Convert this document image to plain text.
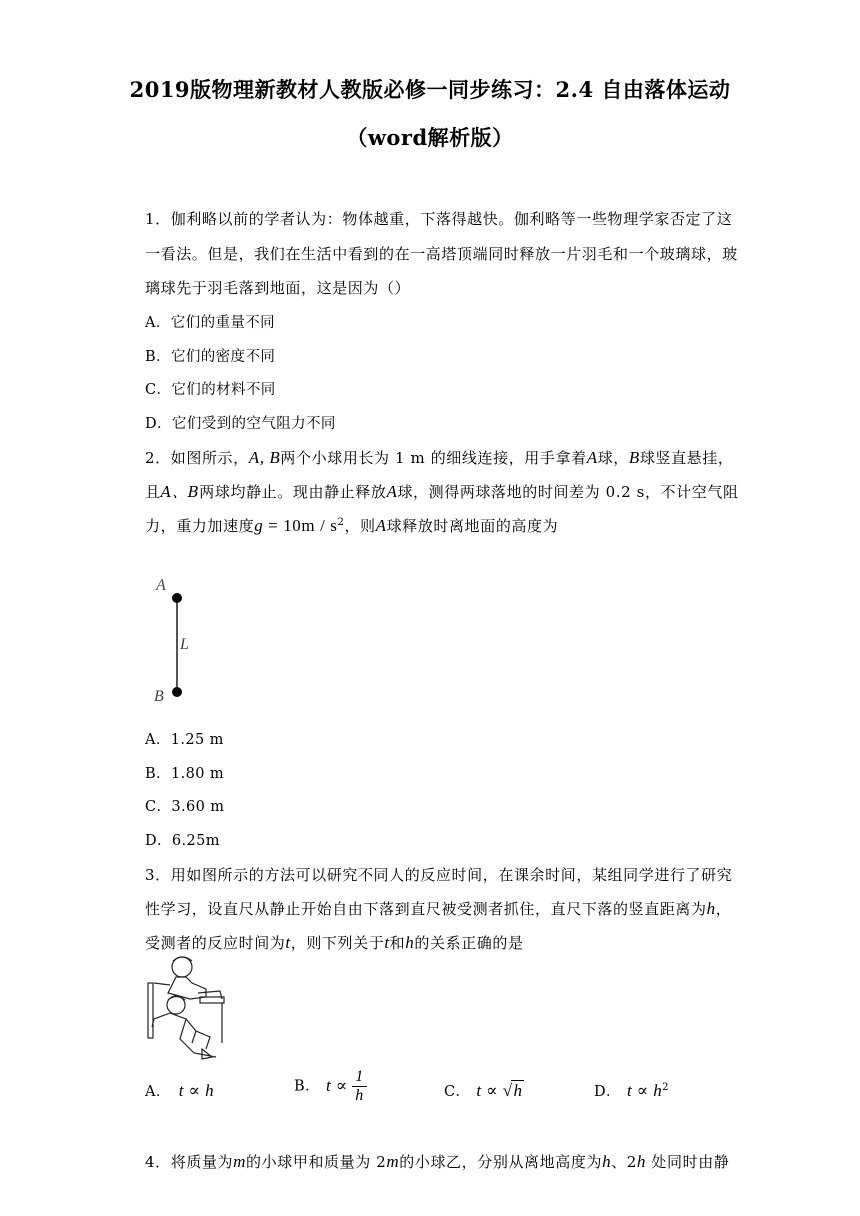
2019版物理新教材人教版必修一同步练习：2.4 自由落体运动
（word解析版）
1．伽利略以前的学者认为：物体越重，下落得越快。伽利略等一些物理学家否定了这
一看法。但是，我们在生活中看到的在一高塔顶端同时释放一片羽毛和一个玻璃球，玻
璃球先于羽毛落到地面，这是因为（）
A．它们的重量不同
B．它们的密度不同
C．它们的材料不同
D．它们受到的空气阻力不同
2．如图所示，A, B两个小球用长为 1 m 的细线连接，用手拿着A球，B球竖直悬挂，
且A、B两球均静止。现由静止释放A球，测得两球落地的时间差为 0.2 s，不计空气阻
力，重力加速度$g = 10m / s^2$，则A球释放时离地面的高度为
A
L
B
A．1.25 m
B．1.80 m
C．3.60 m
D．6.25m
3．用如图所示的方法可以研究不同人的反应时间，在课余时间，某组同学进行了研究
性学习，设直尺从静止开始自由下落到直尺被受测者抓住，直尺下落的竖直距离为h，
受测者的反应时间为t，则下列关于t和h的关系正确的是
A． t ∝ h	B． $t \propto \frac{1}{h}$	C． t ∝ √h	D． $t \propto h^2$
4．将质量为m的小球甲和质量为 2m的小球乙，分别从离地高度为h、2h 处同时由静
